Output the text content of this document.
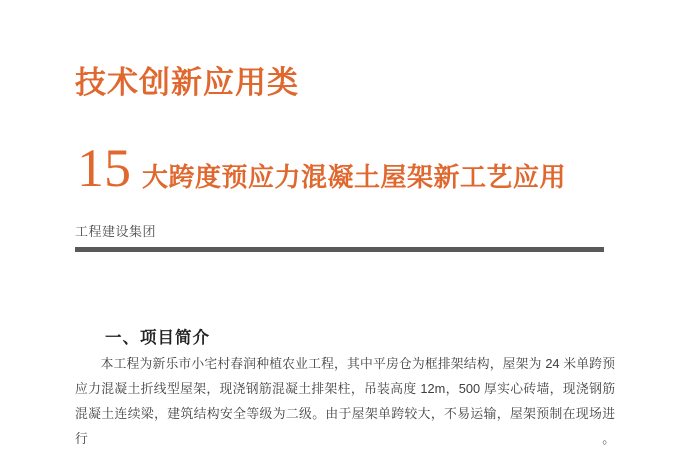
技术创新应用类
15 大跨度预应力混凝土屋架新工艺应用
工程建设集团
一、项目简介
本工程为新乐市小宅村春润种植农业工程，其中平房仓为框排架结构，屋架为 24 米单跨预
应力混凝土折线型屋架，现浇钢筋混凝土排架柱，吊装高度 12m，500 厚实心砖墙，现浇钢筋
混凝土连续梁，建筑结构安全等级为二级。由于屋架单跨较大，不易运输，屋架预制在现场进行。
